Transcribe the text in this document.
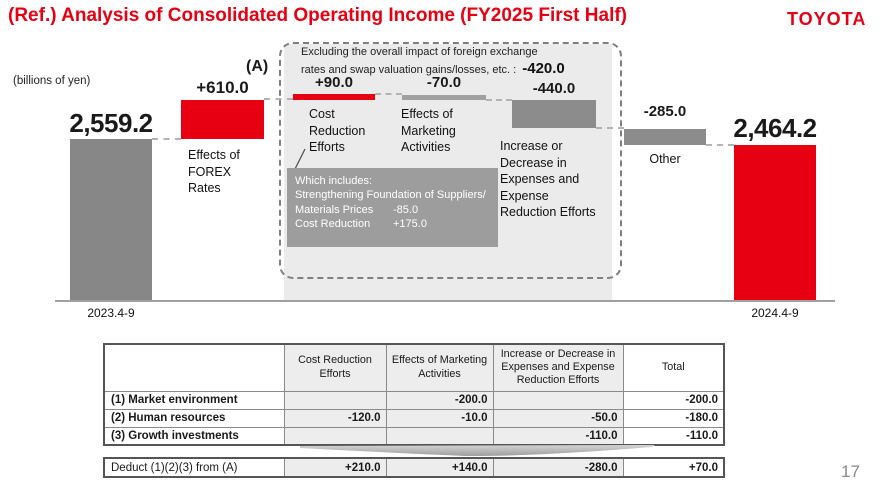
(Ref.) Analysis of Consolidated Operating Income (FY2025 First Half)	TOYOTA
(billions of yen)
2,559.2
+610.0
(A)
+90.0	-70.0	-440.0
-285.0
2,464.2
Excluding the overall impact of foreign exchange
rates and swap valuation gains/losses, etc. : -420.0
Effects of FOREX Rates
Cost Reduction Efforts
Effects of Marketing Activities	Increase or Decrease in Expenses and Expense Reduction Efforts
Other
Which includes:
Strengthening Foundation of Suppliers/
Materials Prices	-85.0
Cost Reduction	+175.0
2023.4-9	2024.4-9
	Cost Reduction Efforts	Effects of Marketing Activities	Increase or Decrease in Expenses and Expense Reduction Efforts	Total
(1) Market environment		-200.0		-200.0
(2) Human resources	-120.0	-10.0	-50.0	-180.0
(3) Growth investments			-110.0	-110.0
Deduct (1)(2)(3) from (A)	+210.0	+140.0	-280.0	+70.0	17
